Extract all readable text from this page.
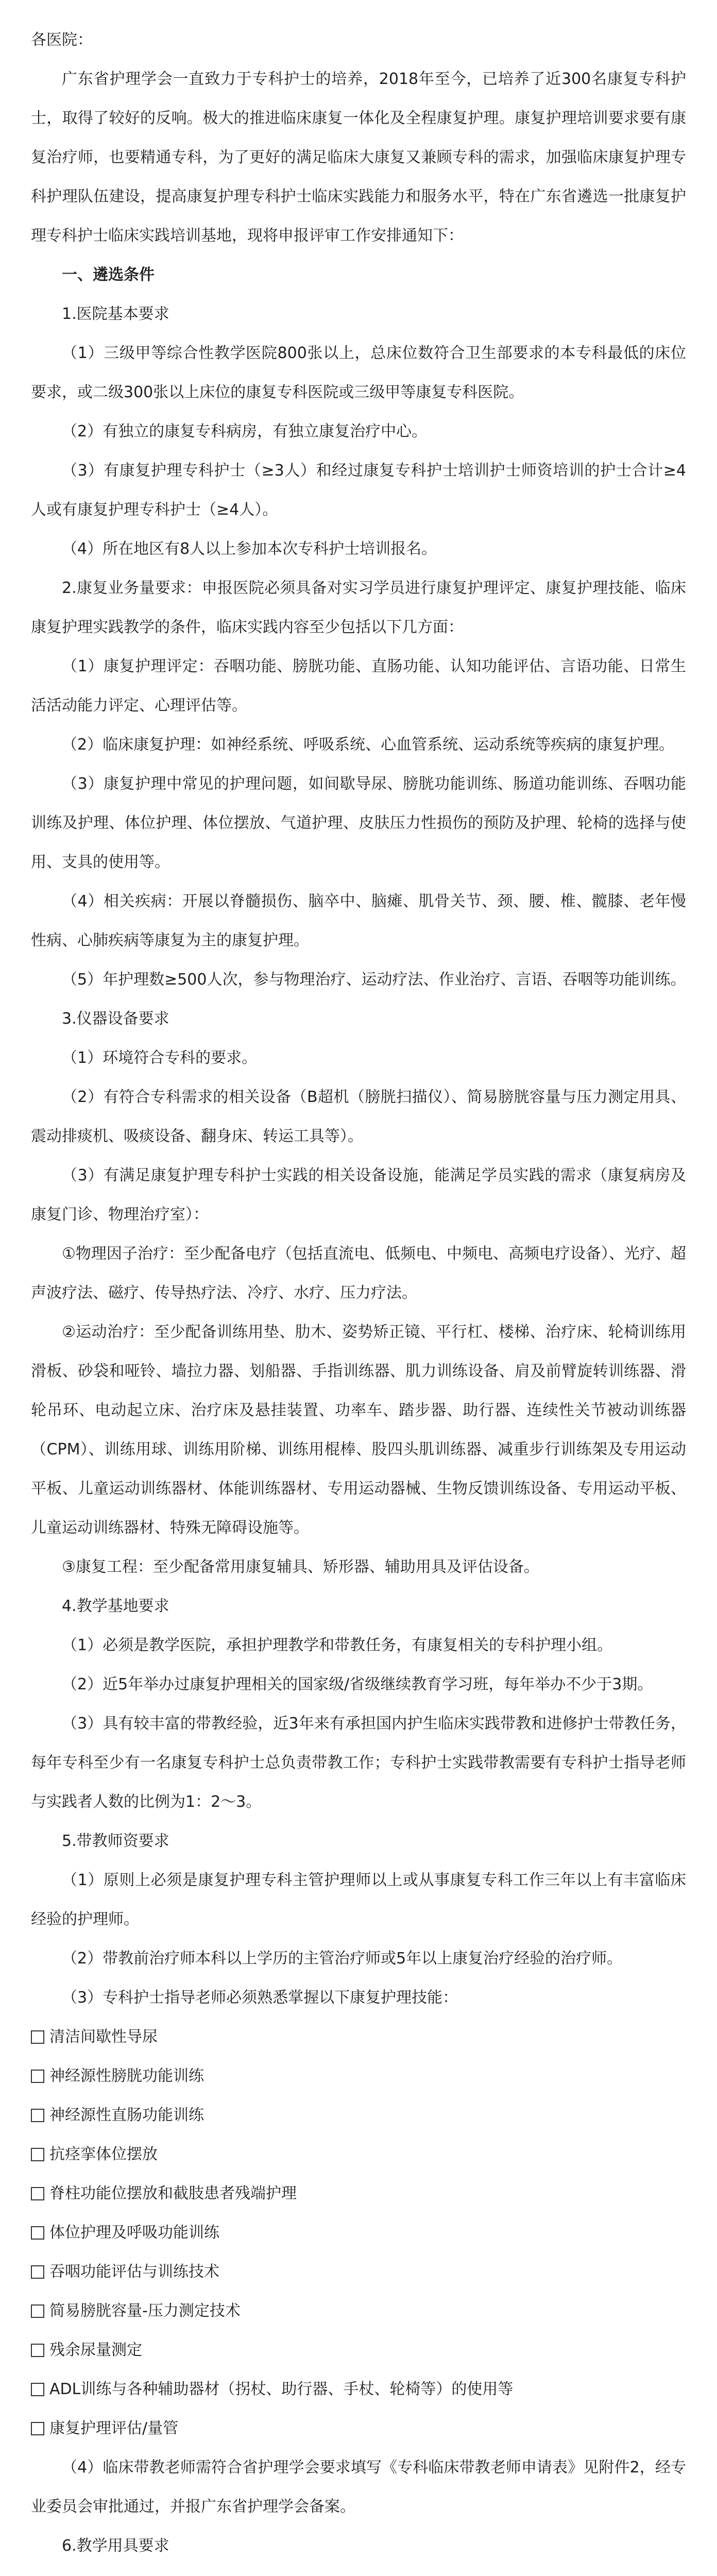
各医院：

广东省护理学会一直致力于专科护士的培养，2018年至今，已培养了近300名康复专科护士，取得了较好的反响。极大的推进临床康复一体化及全程康复护理。康复护理培训要求要有康复治疗师，也要精通专科，为了更好的满足临床大康复又兼顾专科的需求，加强临床康复护理专科护理队伍建设，提高康复护理专科护士临床实践能力和服务水平，特在广东省遴选一批康复护理专科护士临床实践培训基地，现将申报评审工作安排通知下：

一、遴选条件

1.医院基本要求

（1）三级甲等综合性教学医院800张以上，总床位数符合卫生部要求的本专科最低的床位要求，或二级300张以上床位的康复专科医院或三级甲等康复专科医院。

（2）有独立的康复专科病房，有独立康复治疗中心。

（3）有康复护理专科护士（≥3人）和经过康复专科护士培训护士师资培训的护士合计≥4人或有康复护理专科护士（≥4人）。

（4）所在地区有8人以上参加本次专科护士培训报名。

2.康复业务量要求：申报医院必须具备对实习学员进行康复护理评定、康复护理技能、临床康复护理实践教学的条件，临床实践内容至少包括以下几方面：

（1）康复护理评定：吞咽功能、膀胱功能、直肠功能、认知功能评估、言语功能、日常生活活动能力评定、心理评估等。

（2）临床康复护理：如神经系统、呼吸系统、心血管系统、运动系统等疾病的康复护理。

（3）康复护理中常见的护理问题，如间歇导尿、膀胱功能训练、肠道功能训练、吞咽功能训练及护理、体位护理、体位摆放、气道护理、皮肤压力性损伤的预防及护理、轮椅的选择与使用、支具的使用等。

（4）相关疾病：开展以脊髓损伤、脑卒中、脑瘫、肌骨关节、颈、腰、椎、髋膝、老年慢性病、心肺疾病等康复为主的康复护理。

（5）年护理数≥500人次，参与物理治疗、运动疗法、作业治疗、言语、吞咽等功能训练。

3.仪器设备要求

（1）环境符合专科的要求。

（2）有符合专科需求的相关设备（B超机（膀胱扫描仪）、简易膀胱容量与压力测定用具、震动排痰机、吸痰设备、翻身床、转运工具等）。

（3）有满足康复护理专科护士实践的相关设备设施，能满足学员实践的需求（康复病房及康复门诊、物理治疗室）：

①物理因子治疗：至少配备电疗（包括直流电、低频电、中频电、高频电疗设备）、光疗、超声波疗法、磁疗、传导热疗法、冷疗、水疗、压力疗法。

②运动治疗：至少配备训练用垫、肋木、姿势矫正镜、平行杠、楼梯、治疗床、轮椅训练用滑板、砂袋和哑铃、墙拉力器、划船器、手指训练器、肌力训练设备、肩及前臂旋转训练器、滑轮吊环、电动起立床、治疗床及悬挂装置、功率车、踏步器、助行器、连续性关节被动训练器（CPM）、训练用球、训练用阶梯、训练用棍棒、股四头肌训练器、减重步行训练架及专用运动平板、儿童运动训练器材、体能训练器材、专用运动器械、生物反馈训练设备、专用运动平板、儿童运动训练器材、特殊无障碍设施等。

③康复工程：至少配备常用康复辅具、矫形器、辅助用具及评估设备。

4.教学基地要求

（1）必须是教学医院，承担护理教学和带教任务，有康复相关的专科护理小组。

（2）近5年举办过康复护理相关的国家级/省级继续教育学习班，每年举办不少于3期。

（3）具有较丰富的带教经验，近3年来有承担国内护生临床实践带教和进修护士带教任务，每年专科至少有一名康复专科护士总负责带教工作；专科护士实践带教需要有专科护士指导老师与实践者人数的比例为1：2～3。

5.带教师资要求

（1）原则上必须是康复护理专科主管护理师以上或从事康复专科工作三年以上有丰富临床经验的护理师。

（2）带教前治疗师本科以上学历的主管治疗师或5年以上康复治疗经验的治疗师。

（3）专科护士指导老师必须熟悉掌握以下康复护理技能：

清洁间歇性导尿

神经源性膀胱功能训练

神经源性直肠功能训练

抗痉挛体位摆放

脊柱功能位摆放和截肢患者残端护理

体位护理及呼吸功能训练

吞咽功能评估与训练技术

简易膀胱容量-压力测定技术

残余尿量测定

ADL训练与各种辅助器材（拐杖、助行器、手杖、轮椅等）的使用等

康复护理评估/量管

（4）临床带教老师需符合省护理学会要求填写《专科临床带教老师申请表》见附件2，经专业委员会审批通过，并报广东省护理学会备案。

6.教学用具要求
